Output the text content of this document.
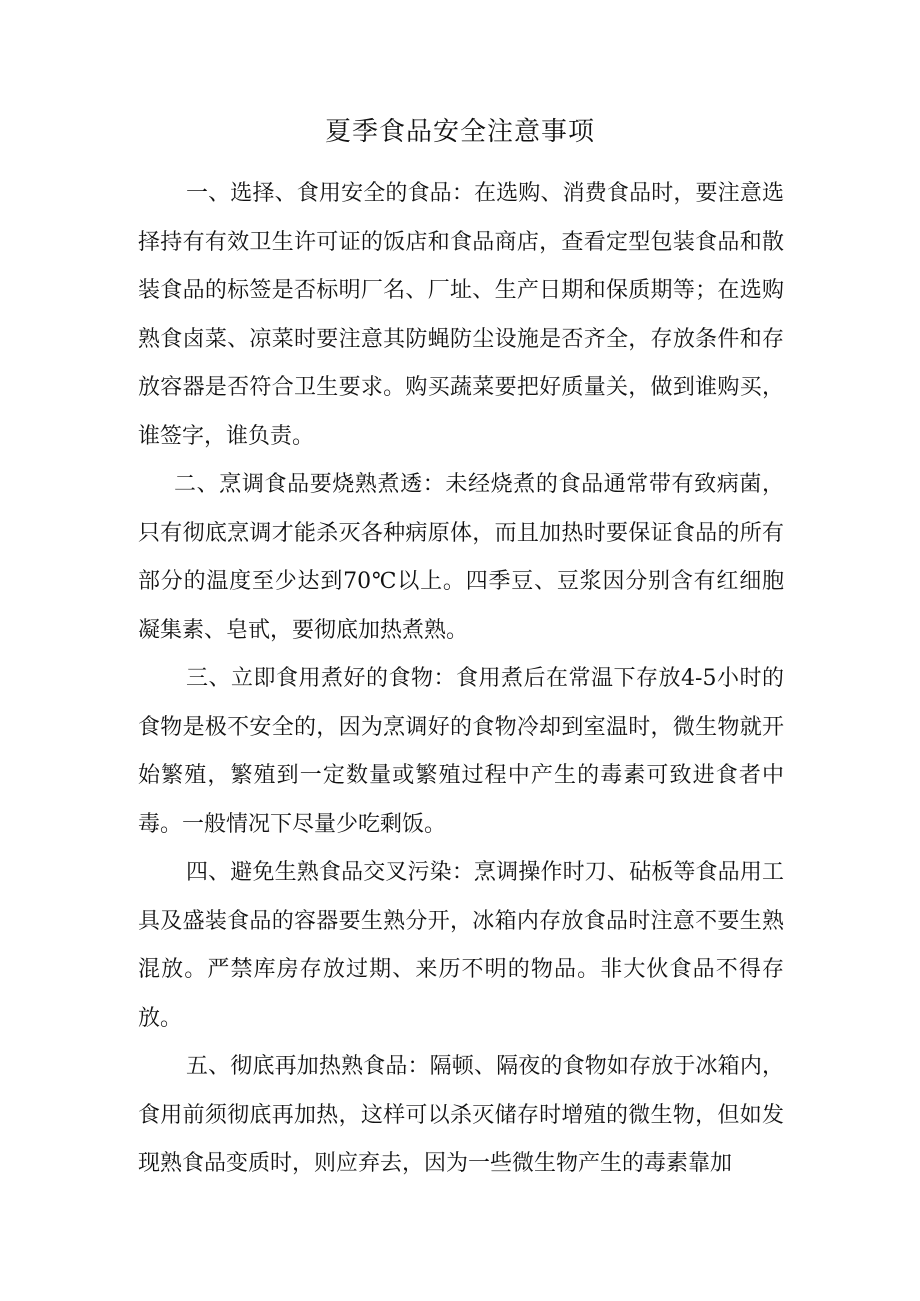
夏季食品安全注意事项

一、选择、食用安全的食品：在选购、消费食品时，要注意选择持有有效卫生许可证的饭店和食品商店，查看定型包装食品和散装食品的标签是否标明厂名、厂址、生产日期和保质期等；在选购熟食卤菜、凉菜时要注意其防蝇防尘设施是否齐全，存放条件和存放容器是否符合卫生要求。购买蔬菜要把好质量关，做到谁购买，谁签字，谁负责。

二、烹调食品要烧熟煮透：未经烧煮的食品通常带有致病菌，只有彻底烹调才能杀灭各种病原体，而且加热时要保证食品的所有部分的温度至少达到70℃以上。四季豆、豆浆因分别含有红细胞凝集素、皂甙，要彻底加热煮熟。

三、立即食用煮好的食物：食用煮后在常温下存放4-5小时的食物是极不安全的，因为烹调好的食物冷却到室温时，微生物就开始繁殖，繁殖到一定数量或繁殖过程中产生的毒素可致进食者中毒。一般情况下尽量少吃剩饭。

四、避免生熟食品交叉污染：烹调操作时刀、砧板等食品用工具及盛装食品的容器要生熟分开，冰箱内存放食品时注意不要生熟混放。严禁库房存放过期、来历不明的物品。非大伙食品不得存放。

五、彻底再加热熟食品：隔顿、隔夜的食物如存放于冰箱内，食用前须彻底再加热，这样可以杀灭储存时增殖的微生物，但如发现熟食品变质时，则应弃去，因为一些微生物产生的毒素靠加
